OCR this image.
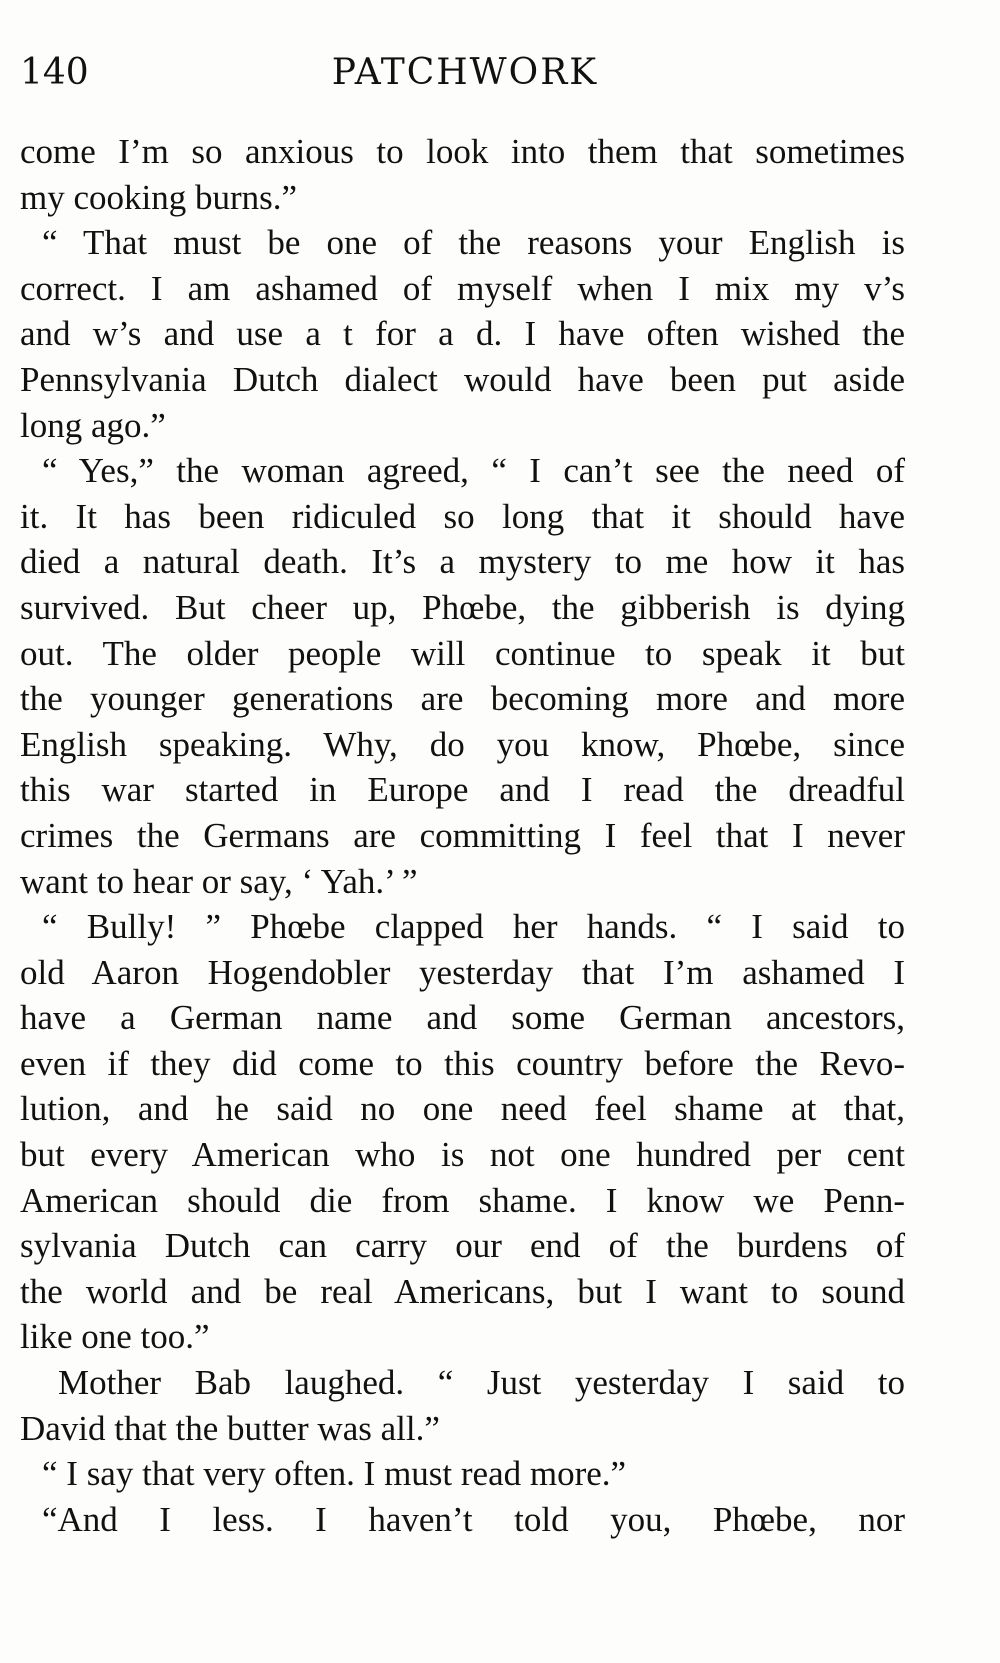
140	PATCHWORK
come I’m so anxious to look into them that sometimes
my cooking burns.”
“ That must be one of the reasons your English is
correct. I am ashamed of myself when I mix my v’s
and w’s and use a t for a d. I have often wished the
Pennsylvania Dutch dialect would have been put aside
long ago.”
“ Yes,” the woman agreed, “ I can’t see the need of
it. It has been ridiculed so long that it should have
died a natural death. It’s a mystery to me how it has
survived. But cheer up, Phœbe, the gibberish is dying
out. The older people will continue to speak it but
the younger generations are becoming more and more
English speaking. Why, do you know, Phœbe, since
this war started in Europe and I read the dreadful
crimes the Germans are committing I feel that I never
want to hear or say, ‘ Yah.’ ”
“ Bully! ” Phœbe clapped her hands. “ I said to
old Aaron Hogendobler yesterday that I’m ashamed I
have a German name and some German ancestors,
even if they did come to this country before the Revo-
lution, and he said no one need feel shame at that,
but every American who is not one hundred per cent
American should die from shame. I know we Penn-
sylvania Dutch can carry our end of the burdens of
the world and be real Americans, but I want to sound
like one too.”
Mother Bab laughed. “ Just yesterday I said to
David that the butter was all.”
“ I say that very often. I must read more.”
“And I less. I haven’t told you, Phœbe, nor
